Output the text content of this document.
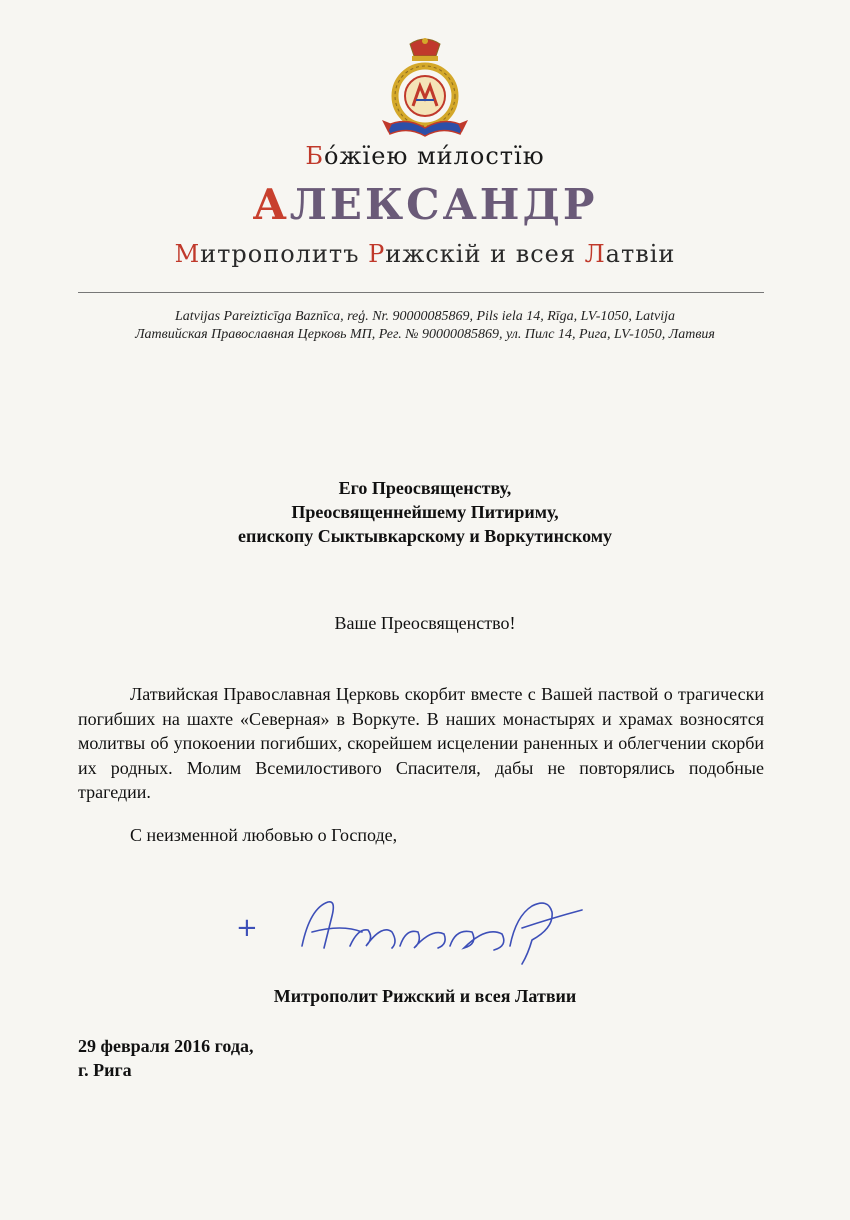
Бо́жїею ми́лостїю
АЛЕКСАНДР
Митрополитъ Рижскiй и всея Латвiи
Latvijas Pareizticīga Baznīca, reģ. Nr. 90000085869, Pils iela 14, Rīga, LV-1050, Latvija
Латвийская Православная Церковь МП, Рег. № 90000085869, ул. Пилс 14, Рига, LV-1050, Латвия
Его Преосвященству,
Преосвященнейшему Питириму,
епископу Сыктывкарскому и Воркутинскому
Ваше Преосвященство!
Латвийская Православная Церковь скорбит вместе с Вашей паствой о трагически погибших на шахте «Северная» в Воркуте. В наших монастырях и храмах возносятся молитвы об упокоении погибших, скорейшем исцелении раненных и облегчении скорби их родных. Молим Всемилостивого Спасителя, дабы не повторялись подобные трагедии.
С неизменной любовью о Господе,
+
Митрополит Рижский и всея Латвии
29 февраля 2016 года,
г. Рига
